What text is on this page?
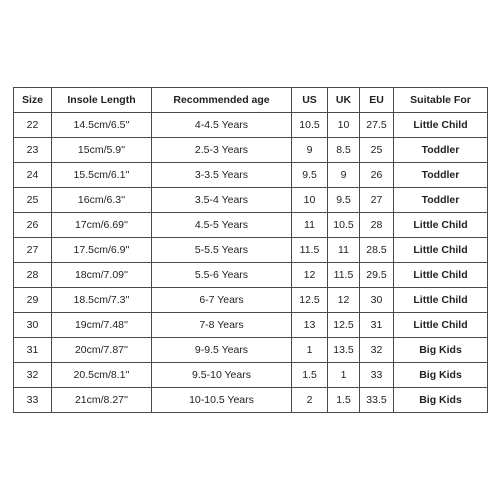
Size	Insole Length	Recommended age	US	UK	EU	Suitable For
22	14.5cm/6.5''	4-4.5 Years	10.5	10	27.5	Little Child
23	15cm/5.9''	2.5-3 Years	9	8.5	25	Toddler
24	15.5cm/6.1''	3-3.5 Years	9.5	9	26	Toddler
25	16cm/6.3''	3.5-4 Years	10	9.5	27	Toddler
26	17cm/6.69''	4.5-5 Years	11	10.5	28	Little Child
27	17.5cm/6.9''	5-5.5 Years	11.5	11	28.5	Little Child
28	18cm/7.09''	5.5-6 Years	12	11.5	29.5	Little Child
29	18.5cm/7.3''	6-7 Years	12.5	12	30	Little Child
30	19cm/7.48''	7-8 Years	13	12.5	31	Little Child
31	20cm/7.87''	9-9.5 Years	1	13.5	32	Big Kids
32	20.5cm/8.1''	9.5-10 Years	1.5	1	33	Big Kids
33	21cm/8.27''	10-10.5 Years	2	1.5	33.5	Big Kids
